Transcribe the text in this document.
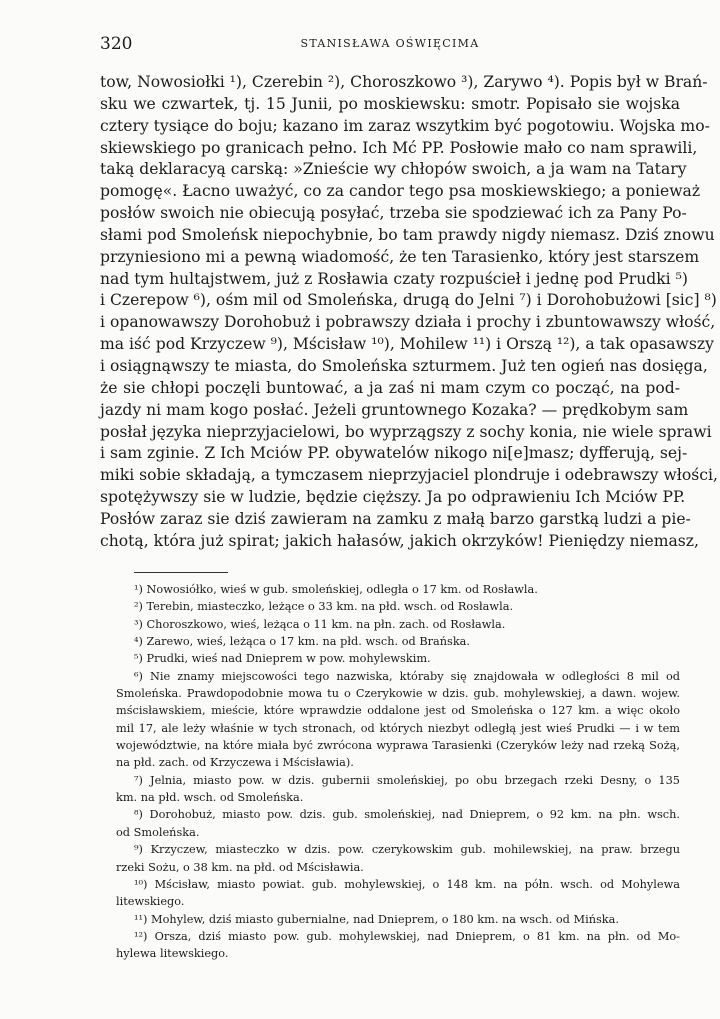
320	STANISŁAWA OŚWIĘCIMA
tow, Nowosiołki ¹), Czerebin ²), Choroszkowo ³), Zarywo ⁴). Popis był w Brań-
sku we czwartek, tj. 15 Junii, po moskiewsku: smotr. Popisało sie wojska
cztery tysiące do boju; kazano im zaraz wszytkim być pogotowiu. Wojska mo-
skiewskiego po granicach pełno. Ich Mć PP. Posłowie mało co nam sprawili,
taką deklaracyą carską: »Znieście wy chłopów swoich, a ja wam na Tatary
pomogę«. Łacno uważyć, co za candor tego psa moskiewskiego; a ponieważ
posłów swoich nie obiecują posyłać, trzeba sie spodziewać ich za Pany Po-
słami pod Smoleńsk niepochybnie, bo tam prawdy nigdy niemasz. Dziś znowu
przyniesiono mi a pewną wiadomość, że ten Tarasienko, który jest starszem
nad tym hultajstwem, już z Rosławia czaty rozpuścieł i jednę pod Prudki ⁵)
i Czerepow ⁶), ośm mil od Smoleńska, drugą do Jelni ⁷) i Dorohobużowi [sic] ⁸)
i opanowawszy Dorohobuż i pobrawszy działa i prochy i zbuntowawszy włość,
ma iść pod Krzyczew ⁹), Mścisław ¹⁰), Mohilew ¹¹) i Orszą ¹²), a tak opasawszy
i osiągnąwszy te miasta, do Smoleńska szturmem. Już ten ogień nas dosięga,
że sie chłopi poczęli buntować, a ja zaś ni mam czym co począć, na pod-
jazdy ni mam kogo posłać. Jeżeli gruntownego Kozaka? — prędkobym sam
posłał języka nieprzyjacielowi, bo wyprzągszy z sochy konia, nie wiele sprawi
i sam zginie. Z Ich Mciów PP. obywatelów nikogo ni[e]masz; dyfferują, sej-
miki sobie składają, a tymczasem nieprzyjaciel plondruje i odebrawszy włości,
spotężywszy sie w ludzie, będzie cięższy. Ja po odprawieniu Ich Mciów PP.
Posłów zaraz sie dziś zawieram na zamku z małą barzo garstką ludzi a pie-
chotą, która już spirat; jakich hałasów, jakich okrzyków! Pieniędzy niemasz,
¹) Nowosiółko, wieś w gub. smoleńskiej, odległa o 17 km. od Rosławla.
²) Terebin, miasteczko, leżące o 33 km. na płd. wsch. od Rosławla.
³) Choroszkowo, wieś, leżąca o 11 km. na płn. zach. od Rosławla.
⁴) Zarewo, wieś, leżąca o 17 km. na płd. wsch. od Brańska.
⁵) Prudki, wieś nad Dnieprem w pow. mohylewskim.
⁶) Nie znamy miejscowości tego nazwiska, któraby się znajdowała w odległości 8 mil od
Smoleńska. Prawdopodobnie mowa tu o Czerykowie w dzis. gub. mohylewskiej, a dawn. wojew.
mścisławskiem, mieście, które wprawdzie oddalone jest od Smoleńska o 127 km. a więc około
mil 17, ale leży właśnie w tych stronach, od których niezbyt odległą jest wieś Prudki — i w tem
województwie, na które miała być zwrócona wyprawa Tarasienki (Czeryków leży nad rzeką Sożą,
na płd. zach. od Krzyczewa i Mścisławia).
⁷) Jelnia, miasto pow. w dzis. gubernii smoleńskiej, po obu brzegach rzeki Desny, o 135
km. na płd. wsch. od Smoleńska.
⁸) Dorohobuż, miasto pow. dzis. gub. smoleńskiej, nad Dnieprem, o 92 km. na płn. wsch.
od Smoleńska.
⁹) Krzyczew, miasteczko w dzis. pow. czerykowskim gub. mohilewskiej, na praw. brzegu
rzeki Sożu, o 38 km. na płd. od Mścisławia.
¹⁰) Mścisław, miasto powiat. gub. mohylewskiej, o 148 km. na półn. wsch. od Mohylewa
litewskiego.
¹¹) Mohylew, dziś miasto gubernialne, nad Dnieprem, o 180 km. na wsch. od Mińska.
¹²) Orsza, dziś miasto pow. gub. mohylewskiej, nad Dnieprem, o 81 km. na płn. od Mo-
hylewa litewskiego.
